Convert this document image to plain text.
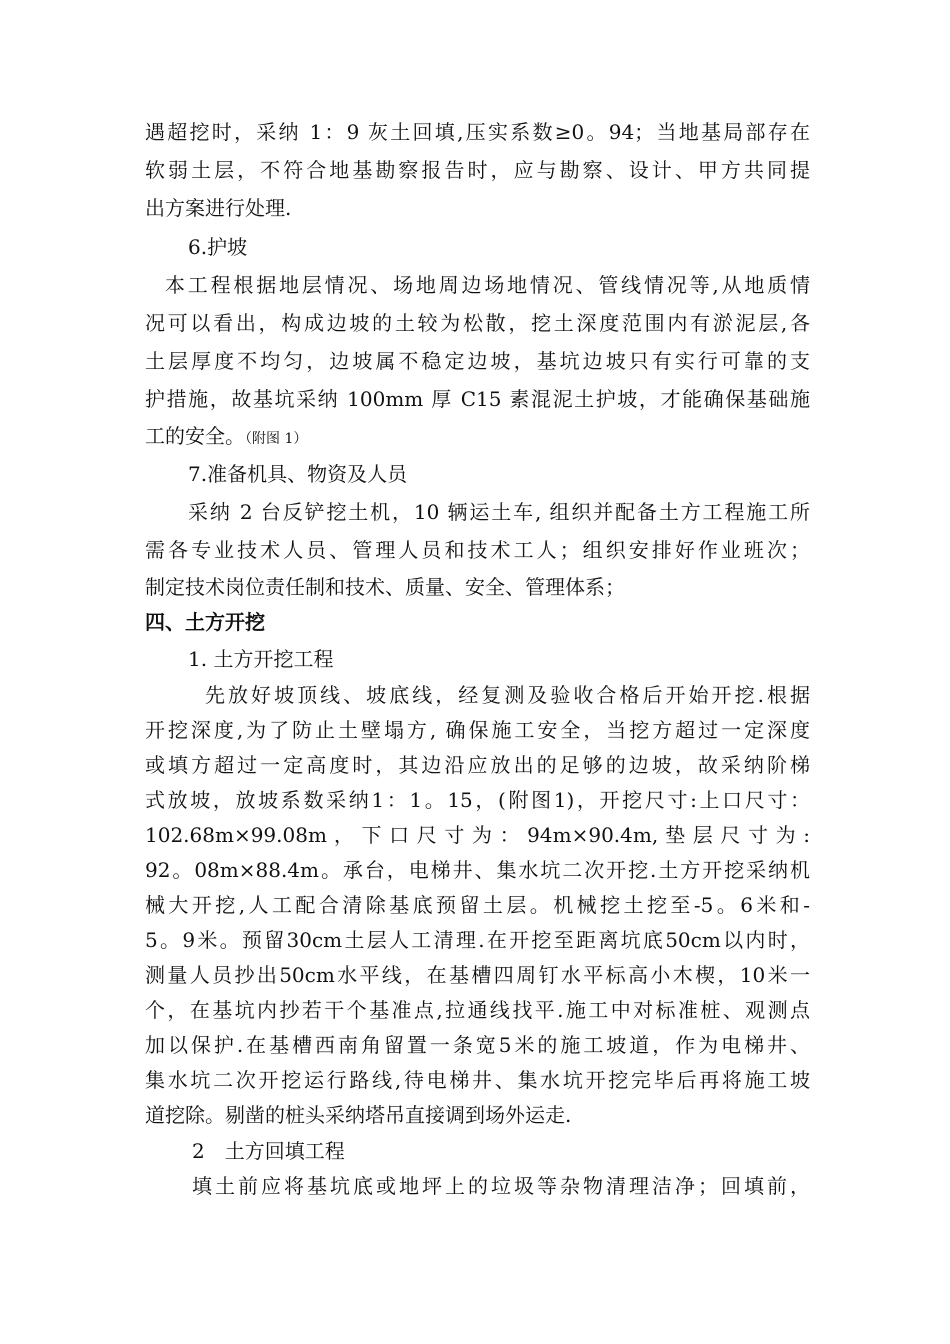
遇超挖时，采纳 1：9 灰土回填,压实系数≥0。94；当地基局部存在
软弱土层，不符合地基勘察报告时，应与勘察、设计、甲方共同提
出方案进行处理.
6.护坡
本工程根据地层情况、场地周边场地情况、管线情况等,从地质情
况可以看出，构成边坡的土较为松散，挖土深度范围内有淤泥层,各
土层厚度不均匀，边坡属不稳定边坡，基坑边坡只有实行可靠的支
护措施，故基坑采纳 100mm 厚 C15 素混泥土护坡，才能确保基础施
工的安全。（附图 1）
7.准备机具、物资及人员
采纳 2 台反铲挖土机，10 辆运土车, 组织并配备土方工程施工所
需各专业技术人员、管理人员和技术工人；组织安排好作业班次；
制定技术岗位责任制和技术、质量、安全、管理体系；
四、土方开挖
1. 土方开挖工程
先放好坡顶线、坡底线，经复测及验收合格后开始开挖.根据
开挖深度,为了防止土壁塌方, 确保施工安全，当挖方超过一定深度
或填方超过一定高度时，其边沿应放出的足够的边坡，故采纳阶梯
式放坡，放坡系数采纳1：1。15，(附图1)，开挖尺寸:上口尺寸：
102.68m×99.08m ， 下 口 尺 寸 为 ： 94m×90.4m, 垫 层 尺 寸 为 :
92。08m×88.4m。承台，电梯井、集水坑二次开挖.土方开挖采纳机
械大开挖,人工配合清除基底预留土层。机械挖土挖至-5。6米和-
5。9米。预留30cm土层人工清理.在开挖至距离坑底50cm以内时，
测量人员抄出50cm水平线，在基槽四周钉水平标高小木楔，10米一
个，在基坑内抄若干个基准点,拉通线找平.施工中对标准桩、观测点
加以保护.在基槽西南角留置一条宽5米的施工坡道，作为电梯井、
集水坑二次开挖运行路线,待电梯井、集水坑开挖完毕后再将施工坡
道挖除。剔凿的桩头采纳塔吊直接调到场外运走.
2　土方回填工程
填土前应将基坑底或地坪上的垃圾等杂物清理洁净；回填前，
